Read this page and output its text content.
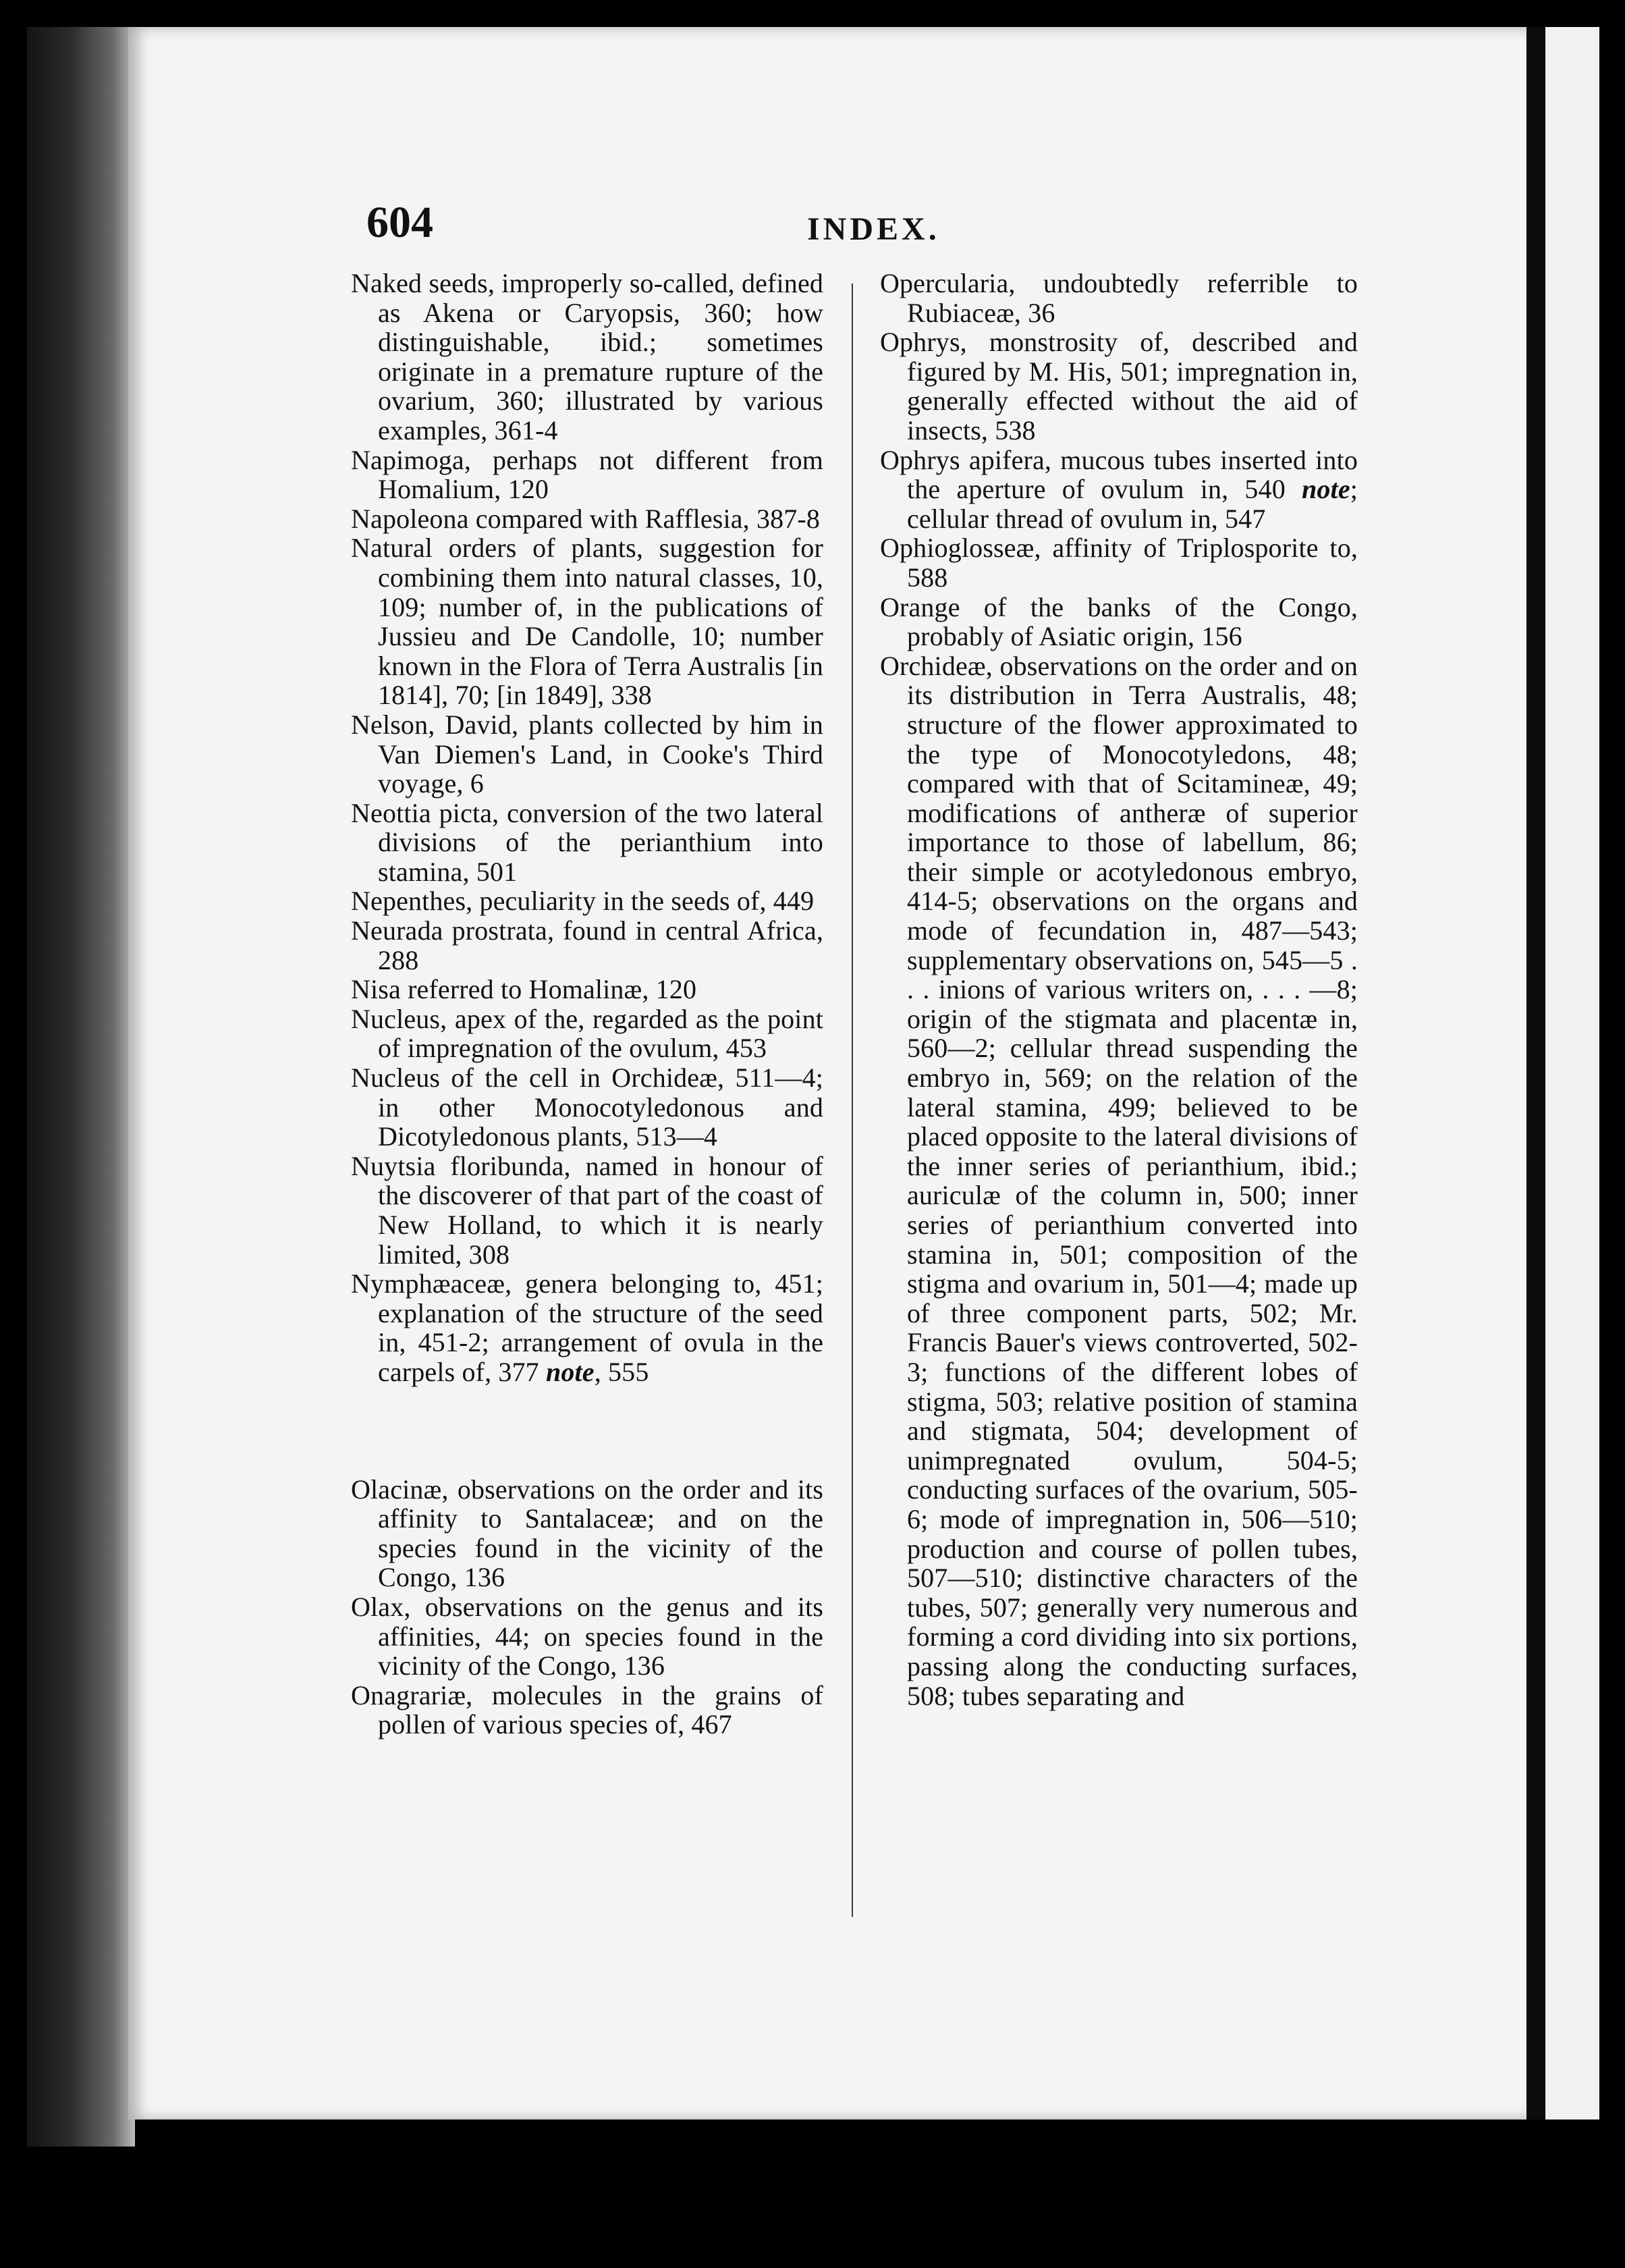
604	INDEX.

Naked seeds, improperly so-called, defined as Akena or Caryopsis, 360; how distinguishable, ibid.; sometimes originate in a premature rupture of the ovarium, 360; illustrated by various examples, 361-4

Napimoga, perhaps not different from Homalium, 120

Napoleona compared with Rafflesia, 387-8

Natural orders of plants, suggestion for combining them into natural classes, 10, 109; number of, in the publications of Jussieu and De Candolle, 10; number known in the Flora of Terra Australis [in 1814], 70; [in 1849], 338

Nelson, David, plants collected by him in Van Diemen's Land, in Cooke's Third voyage, 6

Neottia picta, conversion of the two lateral divisions of the perianthium into stamina, 501

Nepenthes, peculiarity in the seeds of, 449

Neurada prostrata, found in central Africa, 288

Nisa referred to Homalinæ, 120

Nucleus, apex of the, regarded as the point of impregnation of the ovulum, 453

Nucleus of the cell in Orchideæ, 511—4; in other Monocotyledonous and Dicotyledonous plants, 513—4

Nuytsia floribunda, named in honour of the discoverer of that part of the coast of New Holland, to which it is nearly limited, 308

Nymphæaceæ, genera belonging to, 451; explanation of the structure of the seed in, 451-2; arrangement of ovula in the carpels of, 377 note, 555

Olacinæ, observations on the order and its affinity to Santalaceæ; and on the species found in the vicinity of the Congo, 136

Olax, observations on the genus and its affinities, 44; on species found in the vicinity of the Congo, 136

Onagrariæ, molecules in the grains of pollen of various species of, 467

Opercularia, undoubtedly referrible to Rubiaceæ, 36

Ophrys, monstrosity of, described and figured by M. His, 501; impregnation in, generally effected without the aid of insects, 538

Ophrys apifera, mucous tubes inserted into the aperture of ovulum in, 540 note; cellular thread of ovulum in, 547

Ophioglosseæ, affinity of Triplosporite to, 588

Orange of the banks of the Congo, probably of Asiatic origin, 156

Orchideæ, observations on the order and on its distribution in Terra Australis, 48; structure of the flower approximated to the type of Monocotyledons, 48; compared with that of Scitamineæ, 49; modifications of antheræ of superior importance to those of labellum, 86; their simple or acotyledonous embryo, 414-5; observations on the organs and mode of fecundation in, 487—543; supplementary observations on, 545—5 . . . inions of various writers on, . . . —8; origin of the stigmata and placentæ in, 560—2; cellular thread suspending the embryo in, 569; on the relation of the lateral stamina, 499; believed to be placed opposite to the lateral divisions of the inner series of perianthium, ibid.; auriculæ of the column in, 500; inner series of perianthium converted into stamina in, 501; composition of the stigma and ovarium in, 501—4; made up of three component parts, 502; Mr. Francis Bauer's views controverted, 502-3; functions of the different lobes of stigma, 503; relative position of stamina and stigmata, 504; development of unimpregnated ovulum, 504-5; conducting surfaces of the ovarium, 505-6; mode of impregnation in, 506—510; production and course of pollen tubes, 507—510; distinctive characters of the tubes, 507; generally very numerous and forming a cord dividing into six portions, passing along the conducting surfaces, 508; tubes separating and
